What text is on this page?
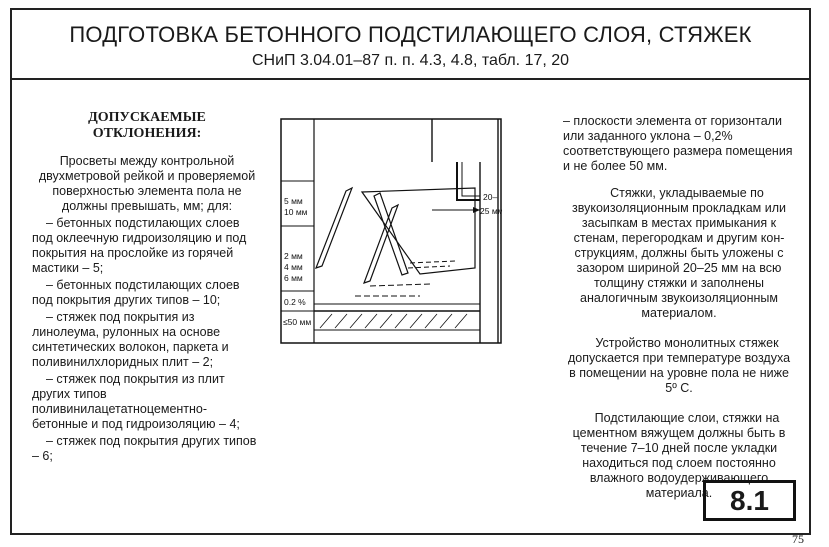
ПОДГОТОВКА БЕТОННОГО ПОДСТИЛАЮЩЕГО СЛОЯ, СТЯЖЕК
СНиП 3.04.01–87 п. п. 4.3, 4.8, табл. 17, 20

ДОПУСКАЕМЫЕ
ОТКЛОНЕНИЯ:

Просветы между контрольной двухметровой рейкой и проверяемой поверхностью элемента пола не должны превышать, мм; для:

– бетонных подстилающих слоев под оклеечную гидроизоляцию и под покрытия на прослойке из горячей мастики – 5;

– бетонных подстилающих слоев под покрытия других типов – 10;

– стяжек под покрытия из линолеума, рулонных на основе синтетических волокон, паркета и поливинилхлоридных плит – 2;

– стяжек под покрытия из плит других типов поливинилацетатноцементно-бетонные и под гидроизоляцию – 4;

– стяжек под покрытия других типов – 6;

20–
25 мм
5 мм
10 мм
2 мм
4 мм
6 мм
0.2 %
≤50 мм

– плоскости элемента от горизонтали или заданного уклона – 0,2% соответствующего размера помещения и не более 50 мм.

Стяжки, укладываемые по звукоизоляционным прокладкам или засыпкам в местах примыкания к стенам, перегородкам и другим кон-струкциям, должны быть уложены с зазором шириной 20–25 мм на всю толщину стяжки и заполнены аналогичным звукоизоляционным материалом.

Устройство монолитных стяжек допускается при температуре воздуха в помещении на уровне пола не ниже 5º С.

Подстилающие слои, стяжки на цементном вяжущем должны быть в течение 7–10 дней после укладки находиться под слоем постоянно влажного водоудерживающего материала. 8.1
75
